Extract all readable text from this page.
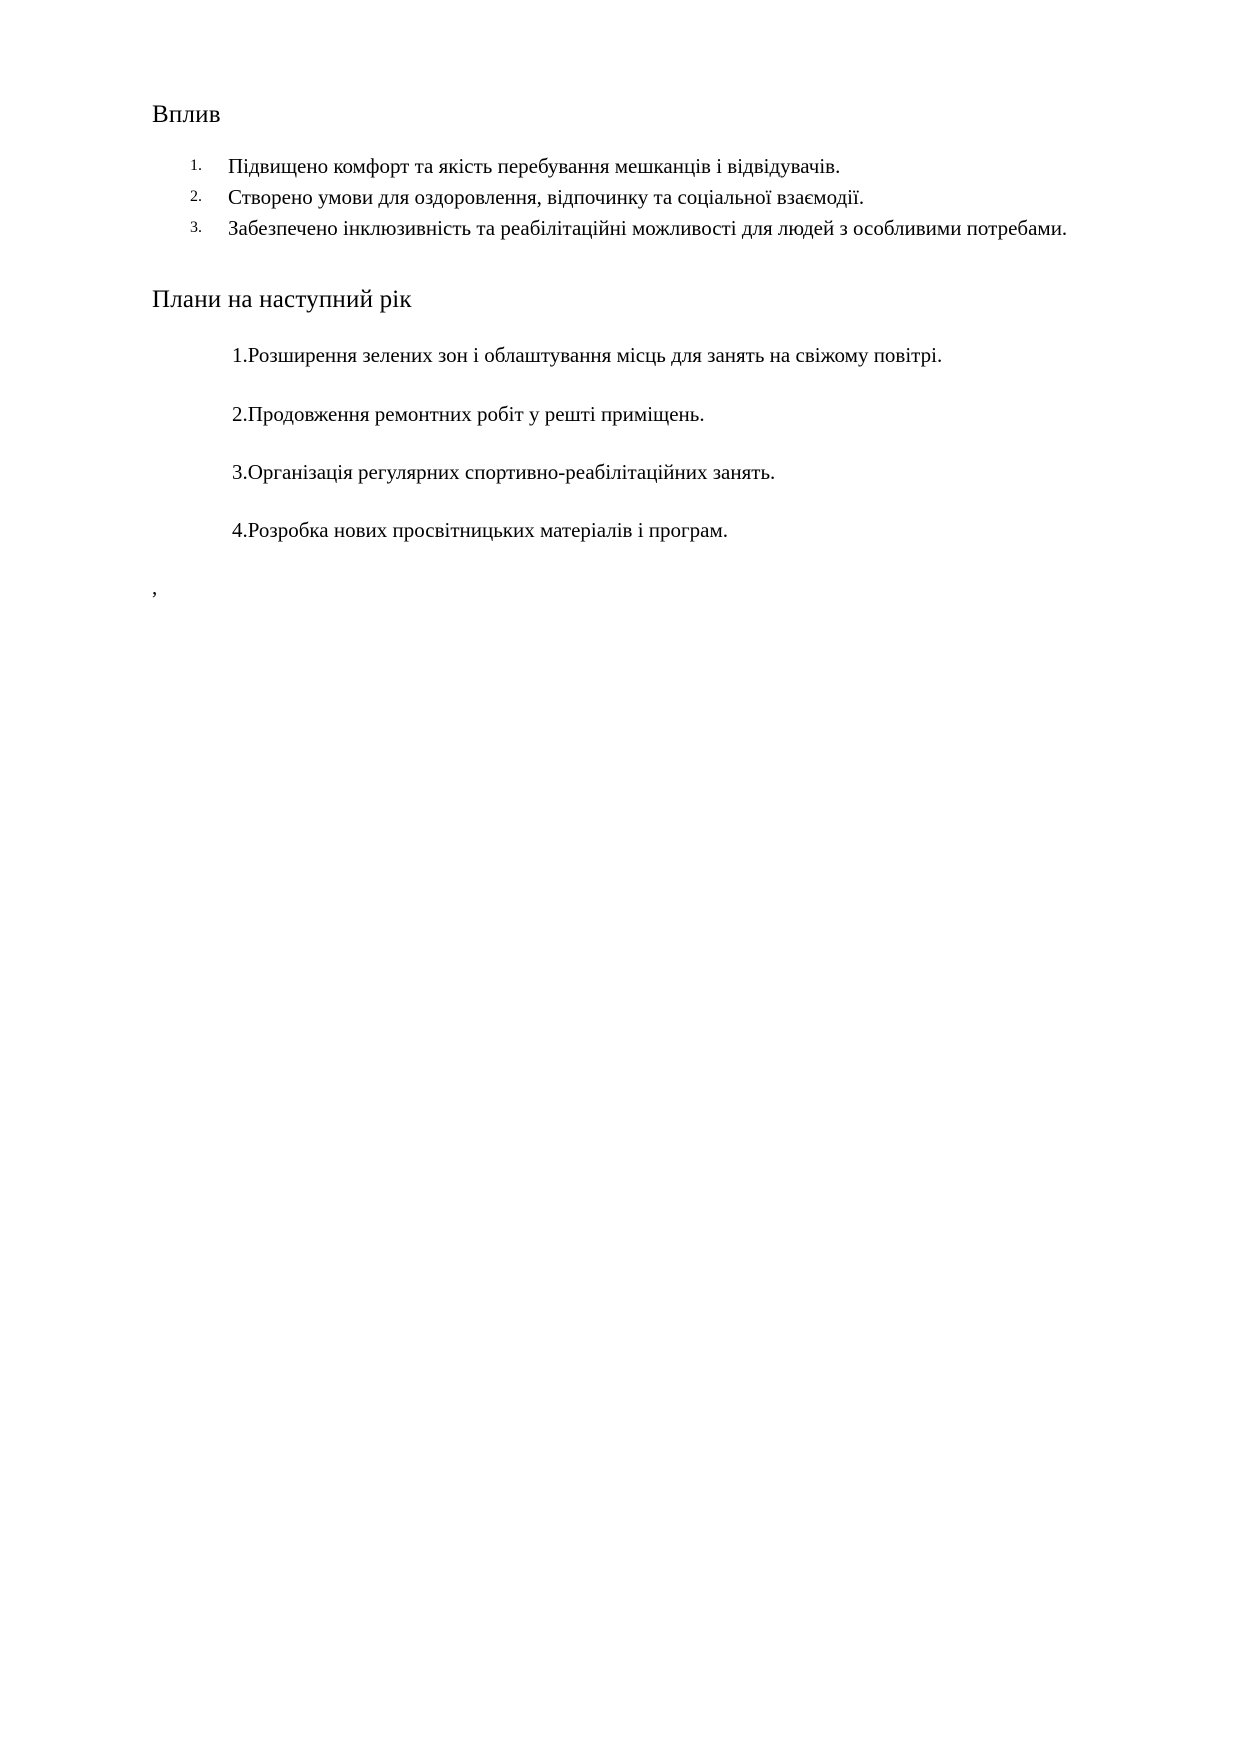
Вплив
1. Підвищено комфорт та якість перебування мешканців і відвідувачів.
2. Створено умови для оздоровлення, відпочинку та соціальної взаємодії.
3. Забезпечено інклюзивність та реабілітаційні можливості для людей з особливими потребами.
Плани на наступний рік

1.Розширення зелених зон і облаштування місць для занять на свіжому повітрі.

2.Продовження ремонтних робіт у решті приміщень.

3.Організація регулярних спортивно-реабілітаційних занять.

4.Розробка нових просвітницьких матеріалів і програм.

,
